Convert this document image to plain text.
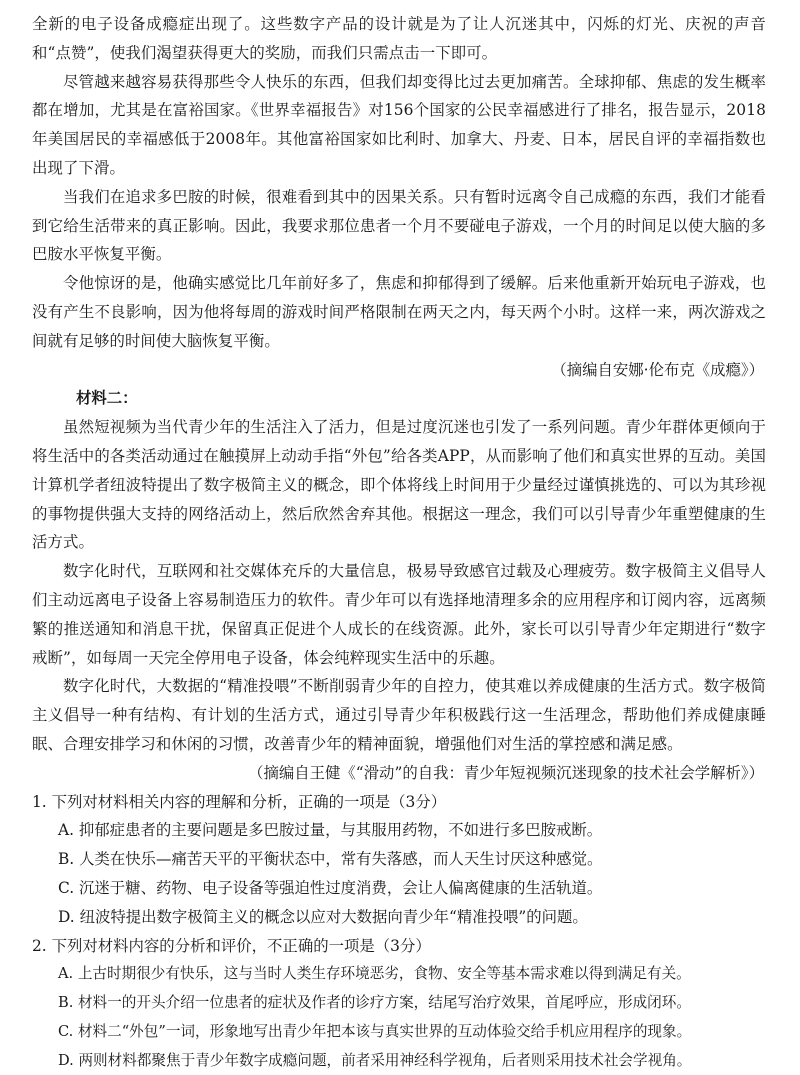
全新的电子设备成瘾症出现了。这些数字产品的设计就是为了让人沉迷其中，闪烁的灯光、庆祝的声音和“点赞”，使我们渴望获得更大的奖励，而我们只需点击一下即可。

尽管越来越容易获得那些令人快乐的东西，但我们却变得比过去更加痛苦。全球抑郁、焦虑的发生概率都在增加，尤其是在富裕国家。《世界幸福报告》对156个国家的公民幸福感进行了排名，报告显示，2018年美国居民的幸福感低于2008年。其他富裕国家如比利时、加拿大、丹麦、日本，居民自评的幸福指数也出现了下滑。

当我们在追求多巴胺的时候，很难看到其中的因果关系。只有暂时远离令自己成瘾的东西，我们才能看到它给生活带来的真正影响。因此，我要求那位患者一个月不要碰电子游戏，一个月的时间足以使大脑的多巴胺水平恢复平衡。

令他惊讶的是，他确实感觉比几年前好多了，焦虑和抑郁得到了缓解。后来他重新开始玩电子游戏，也没有产生不良影响，因为他将每周的游戏时间严格限制在两天之内，每天两个小时。这样一来，两次游戏之间就有足够的时间使大脑恢复平衡。

（摘编自安娜·伦布克《成瘾》）

材料二：

虽然短视频为当代青少年的生活注入了活力，但是过度沉迷也引发了一系列问题。青少年群体更倾向于将生活中的各类活动通过在触摸屏上动动手指“外包”给各类APP，从而影响了他们和真实世界的互动。美国计算机学者纽波特提出了数字极简主义的概念，即个体将线上时间用于少量经过谨慎挑选的、可以为其珍视的事物提供强大支持的网络活动上，然后欣然舍弃其他。根据这一理念，我们可以引导青少年重塑健康的生活方式。

数字化时代，互联网和社交媒体充斥的大量信息，极易导致感官过载及心理疲劳。数字极简主义倡导人们主动远离电子设备上容易制造压力的软件。青少年可以有选择地清理多余的应用程序和订阅内容，远离频繁的推送通知和消息干扰，保留真正促进个人成长的在线资源。此外，家长可以引导青少年定期进行“数字戒断”，如每周一天完全停用电子设备，体会纯粹现实生活中的乐趣。

数字化时代，大数据的“精准投喂”不断削弱青少年的自控力，使其难以养成健康的生活方式。数字极简主义倡导一种有结构、有计划的生活方式，通过引导青少年积极践行这一生活理念，帮助他们养成健康睡眠、合理安排学习和休闲的习惯，改善青少年的精神面貌，增强他们对生活的掌控感和满足感。

（摘编自王健《“滑动”的自我：青少年短视频沉迷现象的技术社会学解析》）

1. 下列对材料相关内容的理解和分析，正确的一项是（3分）

A. 抑郁症患者的主要问题是多巴胺过量，与其服用药物，不如进行多巴胺戒断。

B. 人类在快乐—痛苦天平的平衡状态中，常有失落感，而人天生讨厌这种感觉。

C. 沉迷于糖、药物、电子设备等强迫性过度消费，会让人偏离健康的生活轨道。

D. 纽波特提出数字极简主义的概念以应对大数据向青少年“精准投喂”的问题。

2. 下列对材料内容的分析和评价，不正确的一项是（3分）

A. 上古时期很少有快乐，这与当时人类生存环境恶劣，食物、安全等基本需求难以得到满足有关。

B. 材料一的开头介绍一位患者的症状及作者的诊疗方案，结尾写治疗效果，首尾呼应，形成闭环。

C. 材料二“外包”一词，形象地写出青少年把本该与真实世界的互动体验交给手机应用程序的现象。

D. 两则材料都聚焦于青少年数字成瘾问题，前者采用神经科学视角，后者则采用技术社会学视角。
